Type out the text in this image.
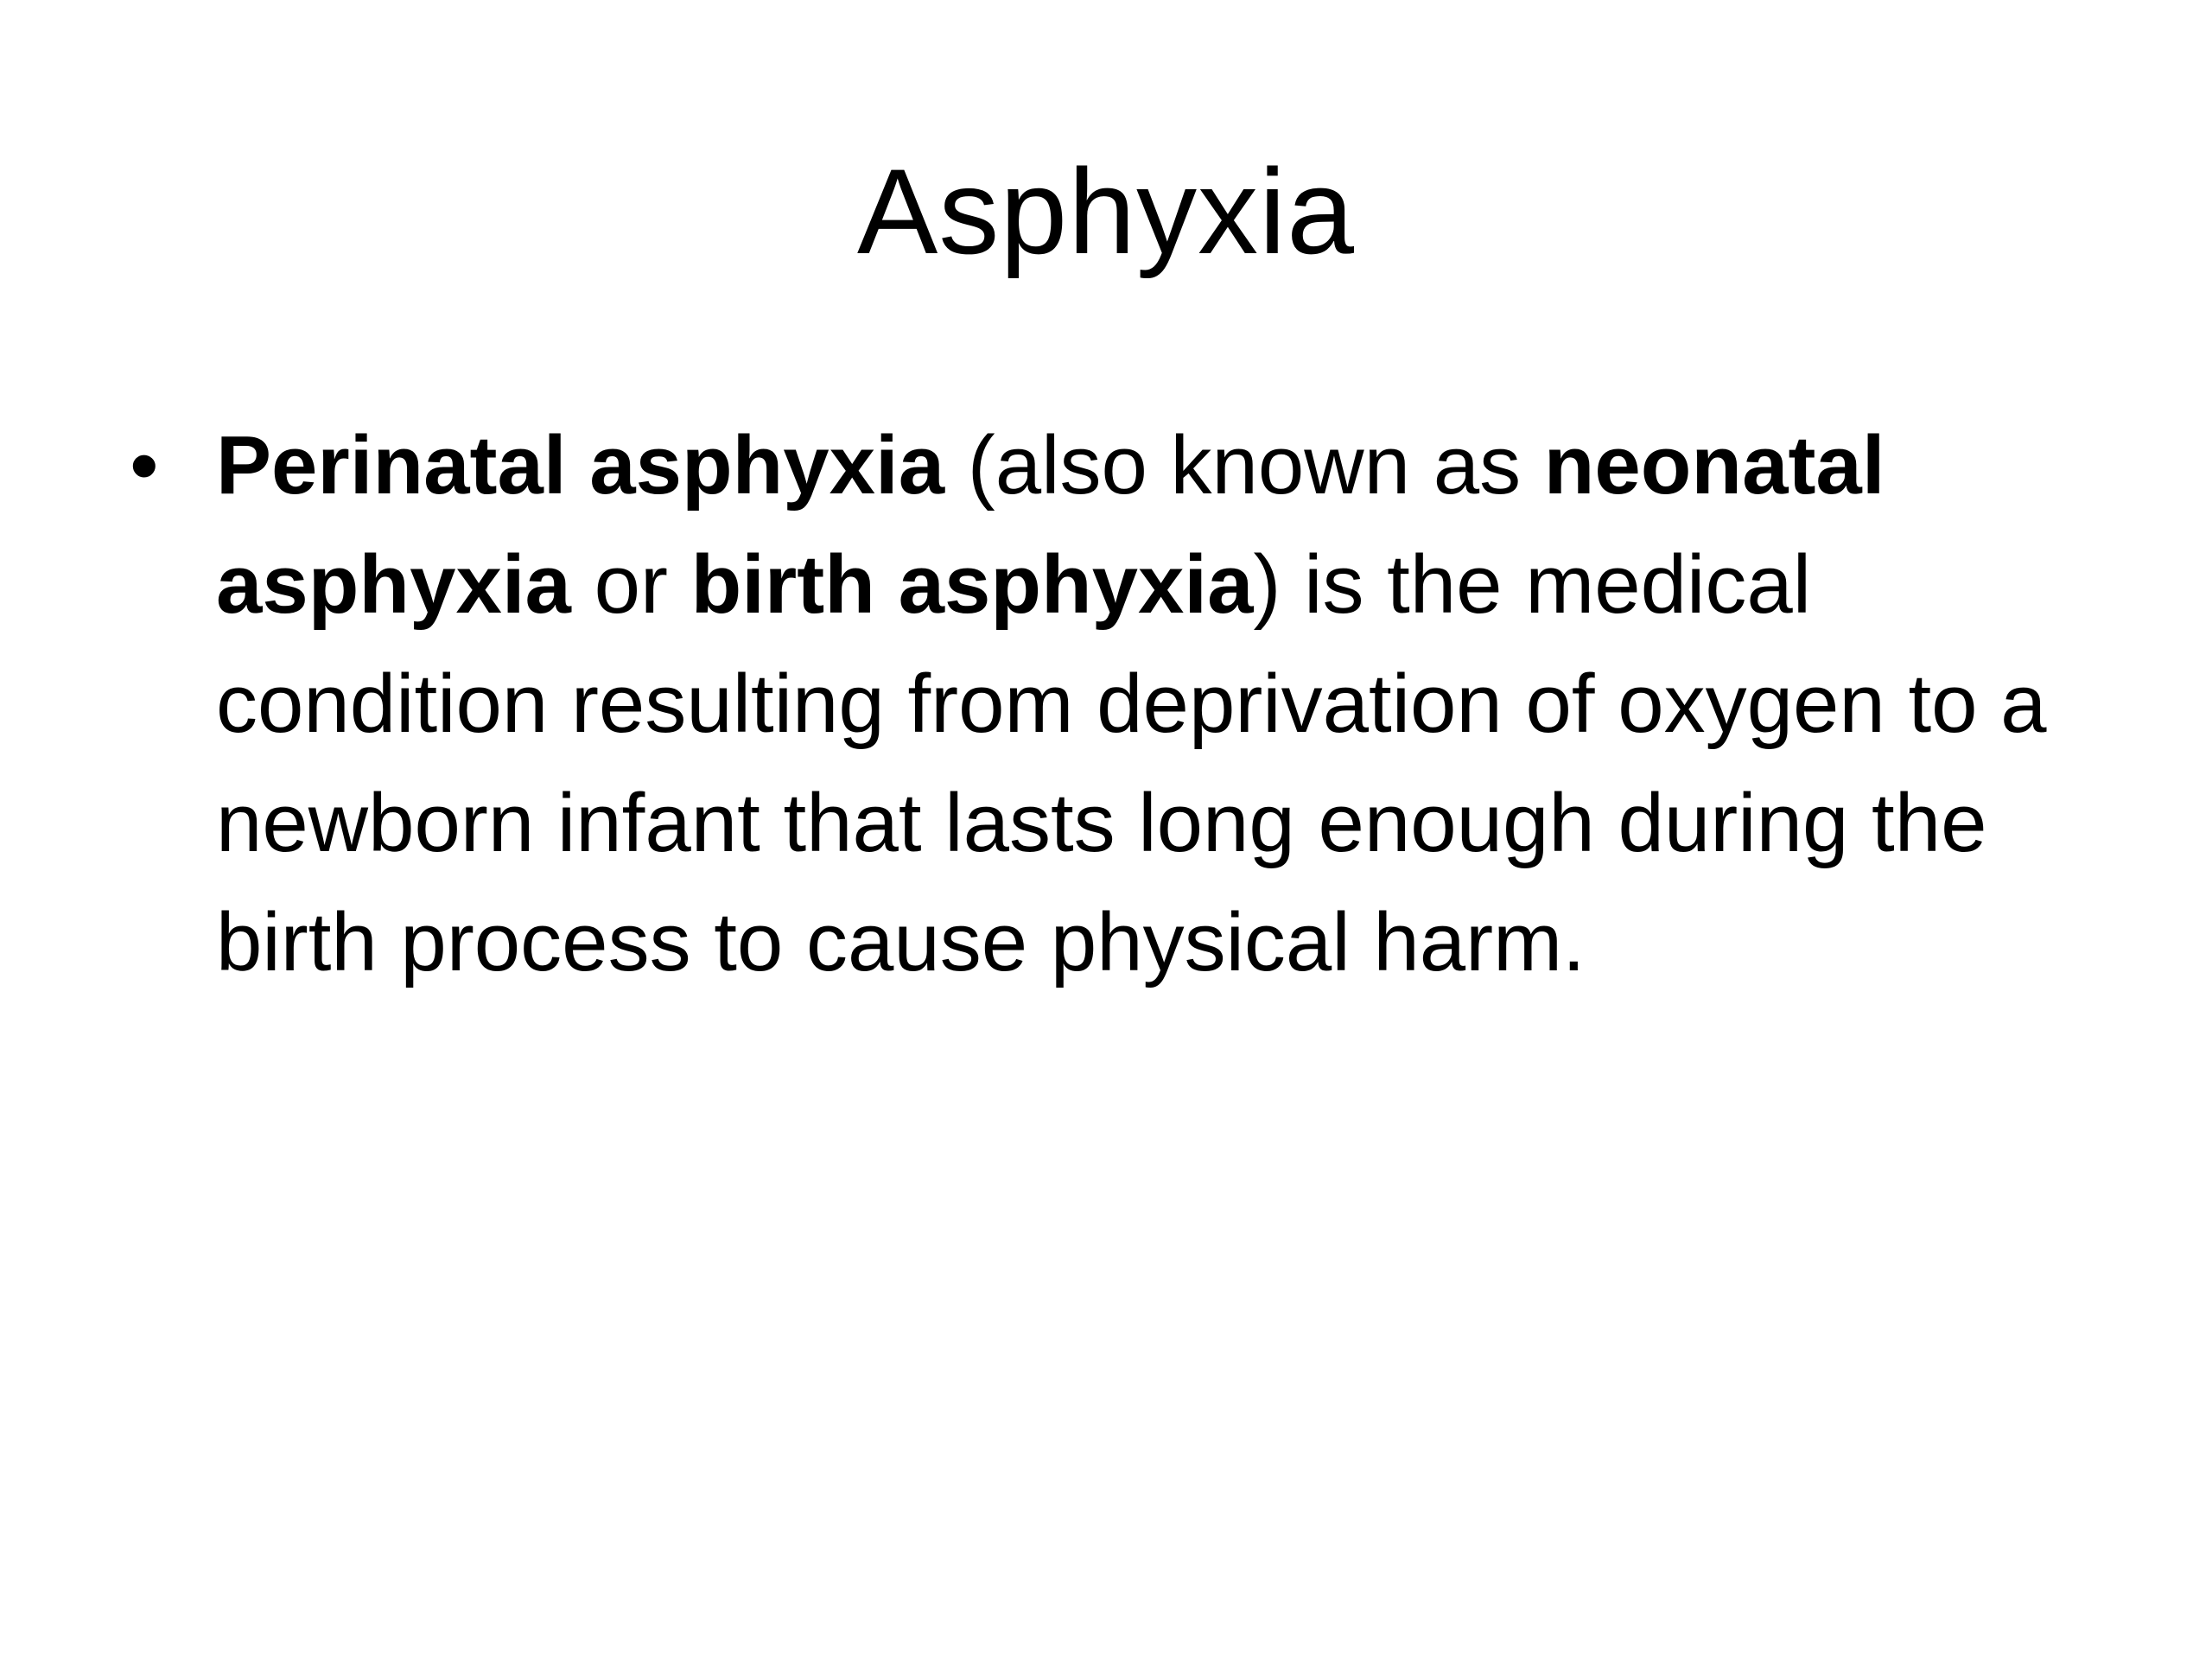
Asphyxia
• Perinatal asphyxia (also known as neonatal asphyxia or birth asphyxia) is the medical condition resulting from deprivation of oxygen to a newborn infant that lasts long enough during the birth process to cause physical harm.
